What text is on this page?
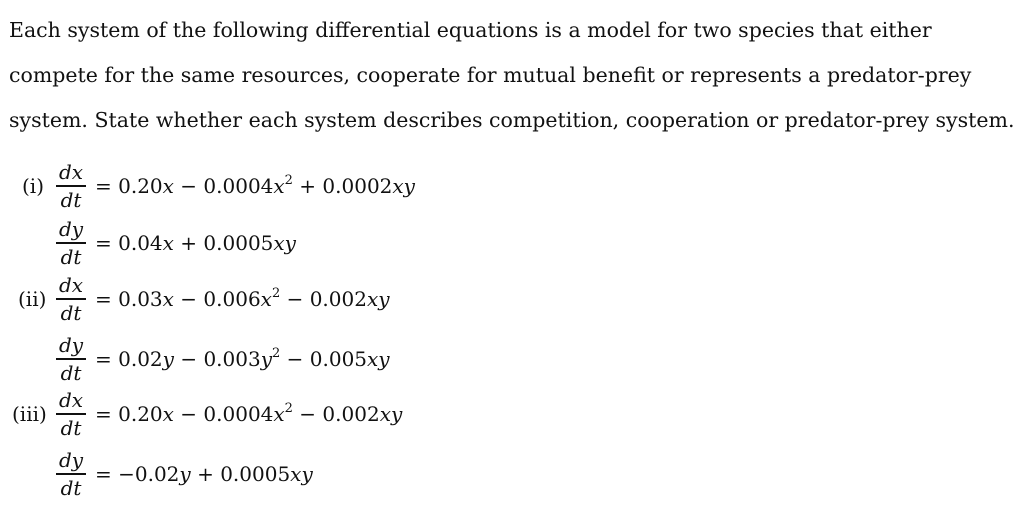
Each system of the following differential equations is a model for two species that either compete for the same resources, cooperate for mutual benefit or represents a predator-prey system. State whether each system describes competition, cooperation or predator-prey system.
$(i) \frac{dx}{dt} = 0.20x - 0.0004x^2 + 0.0002xy$
$\frac{dy}{dt} = 0.04x + 0.0005xy$
$(ii) \frac{dx}{dt} = 0.03x - 0.006x^2 - 0.002xy$
$\frac{dy}{dt} = 0.02y - 0.003y^2 - 0.005xy$
$(iii) \frac{dx}{dt} = 0.20x - 0.0004x^2 - 0.002xy$
$\frac{dy}{dt} = -0.02y + 0.0005xy$
